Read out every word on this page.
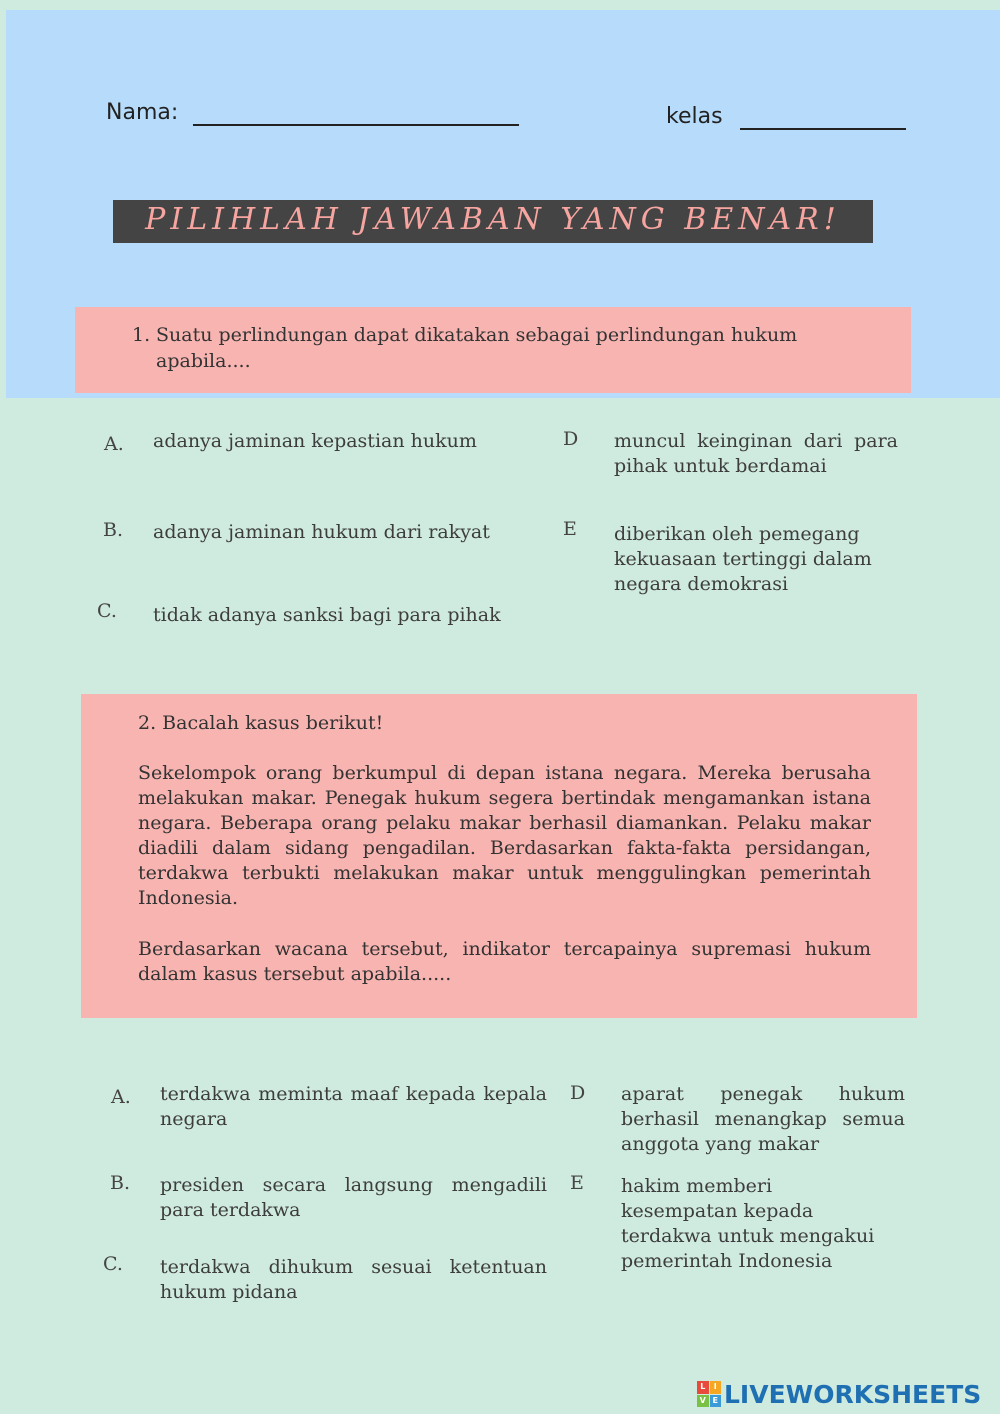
Nama:	kelas
PILIHLAH JAWABAN YANG BENAR!
1. Suatu perlindungan dapat dikatakan sebagai perlindungan hukum
apabila....
A. adanya jaminan kepastian hukum
B. adanya jaminan hukum dari rakyat
C. tidak adanya sanksi bagi para pihak
D muncul keinginan dari para pihak untuk berdamai
E diberikan oleh pemegang kekuasaan tertinggi dalam negara demokrasi
2. Bacalah kasus berikut!
Sekelompok orang berkumpul di depan istana negara. Mereka berusaha melakukan makar. Penegak hukum segera bertindak mengamankan istana negara. Beberapa orang pelaku makar berhasil diamankan. Pelaku makar diadili dalam sidang pengadilan. Berdasarkan fakta-fakta persidangan, terdakwa terbukti melakukan makar untuk menggulingkan pemerintah Indonesia.
Berdasarkan wacana tersebut, indikator tercapainya supremasi hukum dalam kasus tersebut apabila.....
A. terdakwa meminta maaf kepada kepala negara
B. presiden secara langsung mengadili para terdakwa
C. terdakwa dihukum sesuai ketentuan hukum pidana
D aparat penegak hukum berhasil menangkap semua anggota yang makar
E hakim memberi kesempatan kepada terdakwa untuk mengakui pemerintah Indonesia
L	I
V E LIVEWORKSHEETS
